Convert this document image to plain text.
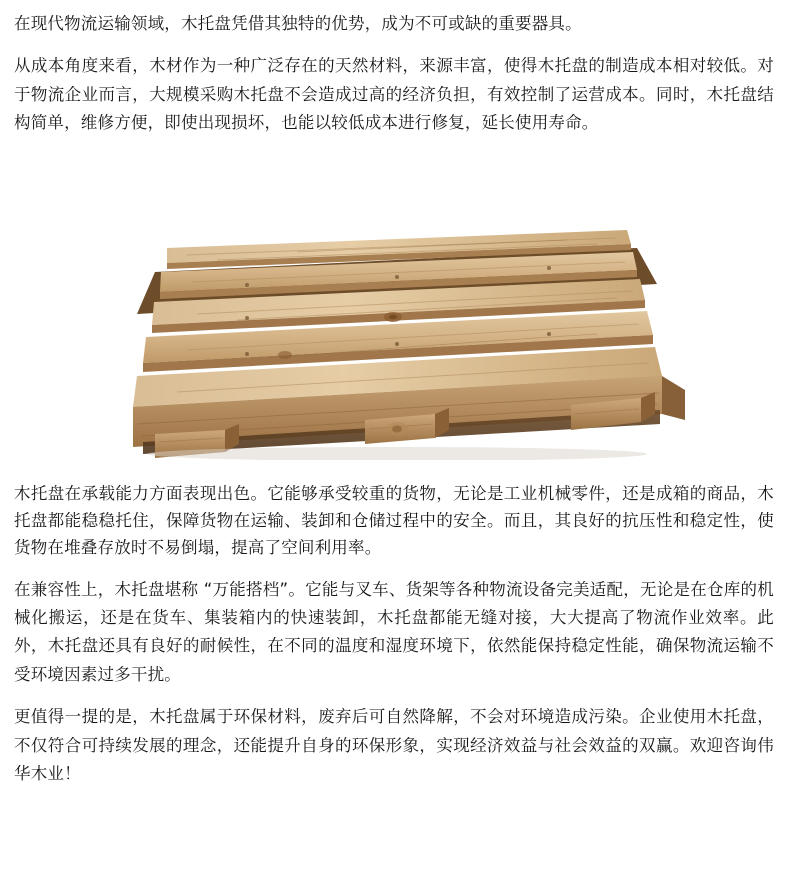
在现代物流运输领域，木托盘凭借其独特的优势，成为不可或缺的重要器具。

从成本角度来看，木材作为一种广泛存在的天然材料，来源丰富，使得木托盘的制造成本相对较低。对于物流企业而言，大规模采购木托盘不会造成过高的经济负担，有效控制了运营成本。同时，木托盘结构简单，维修方便，即使出现损坏，也能以较低成本进行修复，延长使用寿命。

木托盘在承载能力方面表现出色。它能够承受较重的货物，无论是工业机械零件，还是成箱的商品，木托盘都能稳稳托住，保障货物在运输、装卸和仓储过程中的安全。而且，其良好的抗压性和稳定性，使货物在堆叠存放时不易倒塌，提高了空间利用率。

在兼容性上，木托盘堪称 “万能搭档”。它能与叉车、货架等各种物流设备完美适配，无论是在仓库的机械化搬运，还是在货车、集装箱内的快速装卸，木托盘都能无缝对接，大大提高了物流作业效率。此外，木托盘还具有良好的耐候性，在不同的温度和湿度环境下，依然能保持稳定性能，确保物流运输不受环境因素过多干扰。

更值得一提的是，木托盘属于环保材料，废弃后可自然降解，不会对环境造成污染。企业使用木托盘，不仅符合可持续发展的理念，还能提升自身的环保形象，实现经济效益与社会效益的双赢。欢迎咨询伟华木业！
